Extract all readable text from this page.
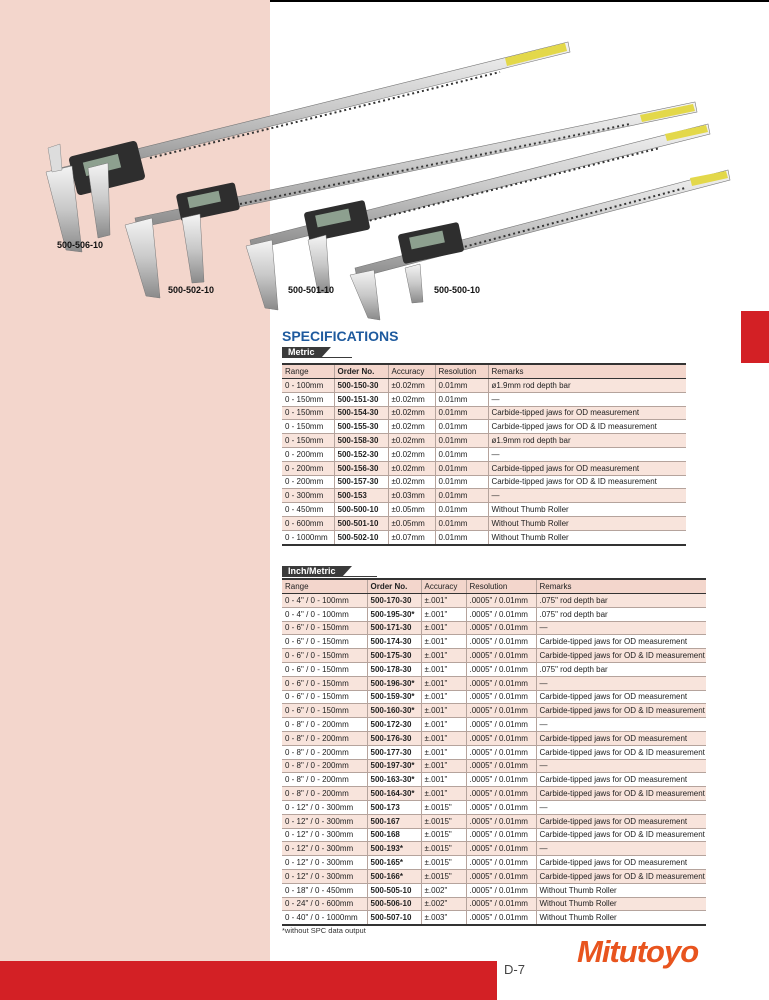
500-506-10
500-502-10	500-501-10	500-500-10
SPECIFICATIONS
Metric
Range	Order No.	Accuracy	Resolution	Remarks
0 - 100mm	500-150-30	±0.02mm	0.01mm	ø1.9mm rod depth bar
0 - 150mm	500-151-30	±0.02mm	0.01mm	—
0 - 150mm	500-154-30	±0.02mm	0.01mm	Carbide-tipped jaws for OD measurement
0 - 150mm	500-155-30	±0.02mm	0.01mm	Carbide-tipped jaws for OD & ID measurement
0 - 150mm	500-158-30	±0.02mm	0.01mm	ø1.9mm rod depth bar
0 - 200mm	500-152-30	±0.02mm	0.01mm	—
0 - 200mm	500-156-30	±0.02mm	0.01mm	Carbide-tipped jaws for OD measurement
0 - 200mm	500-157-30	±0.02mm	0.01mm	Carbide-tipped jaws for OD & ID measurement
0 - 300mm	500-153	±0.03mm	0.01mm	—
0 - 450mm	500-500-10	±0.05mm	0.01mm	Without Thumb Roller
0 - 600mm	500-501-10	±0.05mm	0.01mm	Without Thumb Roller
0 - 1000mm	500-502-10	±0.07mm	0.01mm	Without Thumb Roller
Inch/Metric
Range	Order No.	Accuracy	Resolution	Remarks
0 - 4" / 0 - 100mm	500-170-30	±.001"	.0005" / 0.01mm	.075" rod depth bar
0 - 4" / 0 - 100mm	500-195-30*	±.001"	.0005" / 0.01mm	.075" rod depth bar
0 - 6" / 0 - 150mm	500-171-30	±.001"	.0005" / 0.01mm	—
0 - 6" / 0 - 150mm	500-174-30	±.001"	.0005" / 0.01mm	Carbide-tipped jaws for OD measurement
0 - 6" / 0 - 150mm	500-175-30	±.001"	.0005" / 0.01mm	Carbide-tipped jaws for OD & ID measurement
0 - 6" / 0 - 150mm	500-178-30	±.001"	.0005" / 0.01mm	.075" rod depth bar
0 - 6" / 0 - 150mm	500-196-30*	±.001"	.0005" / 0.01mm	—
0 - 6" / 0 - 150mm	500-159-30*	±.001"	.0005" / 0.01mm	Carbide-tipped jaws for OD measurement
0 - 6" / 0 - 150mm	500-160-30*	±.001"	.0005" / 0.01mm	Carbide-tipped jaws for OD & ID measurement
0 - 8" / 0 - 200mm	500-172-30	±.001"	.0005" / 0.01mm	—
0 - 8" / 0 - 200mm	500-176-30	±.001"	.0005" / 0.01mm	Carbide-tipped jaws for OD measurement
0 - 8" / 0 - 200mm	500-177-30	±.001"	.0005" / 0.01mm	Carbide-tipped jaws for OD & ID measurement
0 - 8" / 0 - 200mm	500-197-30*	±.001"	.0005" / 0.01mm	—
0 - 8" / 0 - 200mm	500-163-30*	±.001"	.0005" / 0.01mm	Carbide-tipped jaws for OD measurement
0 - 8" / 0 - 200mm	500-164-30*	±.001"	.0005" / 0.01mm	Carbide-tipped jaws for OD & ID measurement
0 - 12" / 0 - 300mm	500-173	±.0015"	.0005" / 0.01mm	—
0 - 12" / 0 - 300mm	500-167	±.0015"	.0005" / 0.01mm	Carbide-tipped jaws for OD measurement
0 - 12" / 0 - 300mm	500-168	±.0015"	.0005" / 0.01mm	Carbide-tipped jaws for OD & ID measurement
0 - 12" / 0 - 300mm	500-193*	±.0015"	.0005" / 0.01mm	—
0 - 12" / 0 - 300mm	500-165*	±.0015"	.0005" / 0.01mm	Carbide-tipped jaws for OD measurement
0 - 12" / 0 - 300mm	500-166*	±.0015"	.0005" / 0.01mm	Carbide-tipped jaws for OD & ID measurement
0 - 18" / 0 - 450mm	500-505-10	±.002"	.0005" / 0.01mm	Without Thumb Roller
0 - 24" / 0 - 600mm	500-506-10	±.002"	.0005" / 0.01mm	Without Thumb Roller
0 - 40" / 0 - 1000mm	500-507-10	±.003"	.0005" / 0.01mm	Without Thumb Roller
*without SPC data output
D-7
Mitutoyo
